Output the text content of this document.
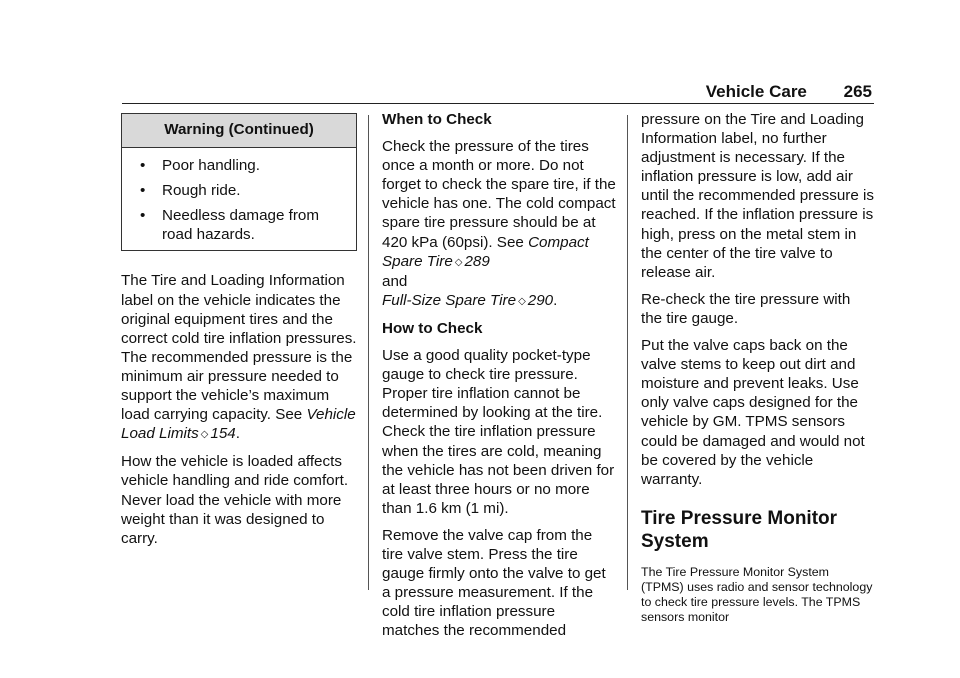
Vehicle Care 265
Warning (Continued)
• Poor handling.
• Rough ride.
• Needless damage from road hazards.

The Tire and Loading Information label on the vehicle indicates the original equipment tires and the correct cold tire inflation pressures. The recommended pressure is the minimum air pressure needed to support the vehicle’s maximum load carrying capacity. See Vehicle Load Limits ◇ 154.

How the vehicle is loaded affects vehicle handling and ride comfort. Never load the vehicle with more weight than it was designed to carry.

When to Check

Check the pressure of the tires once a month or more. Do not forget to check the spare tire, if the vehicle has one. The cold compact spare tire pressure should be at 420 kPa (60psi). See Compact Spare Tire ◇ 289
and
Full-Size Spare Tire ◇ 290.

How to Check

Use a good quality pocket-type gauge to check tire pressure. Proper tire inflation cannot be determined by looking at the tire. Check the tire inflation pressure when the tires are cold, meaning the vehicle has not been driven for at least three hours or no more than 1.6 km (1 mi).

Remove the valve cap from the tire valve stem. Press the tire gauge firmly onto the valve to get a pressure measurement. If the cold tire inflation pressure matches the recommended

pressure on the Tire and Loading Information label, no further adjustment is necessary. If the inflation pressure is low, add air until the recommended pressure is reached. If the inflation pressure is high, press on the metal stem in the center of the tire valve to release air.

Re-check the tire pressure with the tire gauge.

Put the valve caps back on the valve stems to keep out dirt and moisture and prevent leaks. Use only valve caps designed for the vehicle by GM. TPMS sensors could be damaged and would not be covered by the vehicle warranty.

Tire Pressure Monitor System

The Tire Pressure Monitor System (TPMS) uses radio and sensor technology to check tire pressure levels. The TPMS sensors monitor
